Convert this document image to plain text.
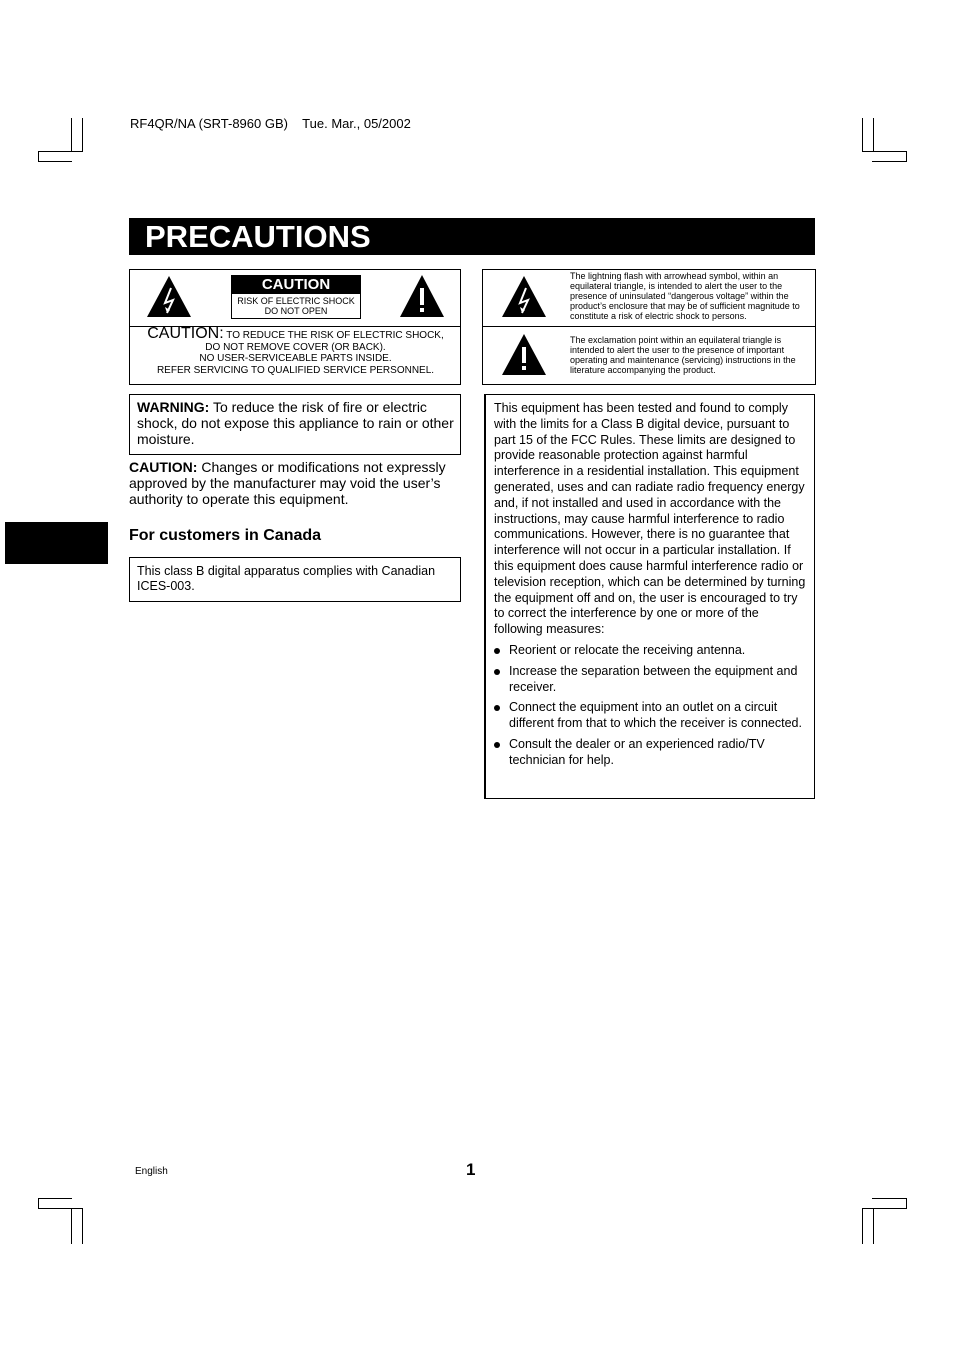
RF4QR/NA (SRT-8960 GB)    Tue. Mar., 05/2002
PRECAUTIONS
CAUTION
RISK OF ELECTRIC SHOCK
DO NOT OPEN
CAUTION: TO REDUCE THE RISK OF ELECTRIC SHOCK,
DO NOT REMOVE COVER (OR BACK).
NO USER-SERVICEABLE PARTS INSIDE.
REFER SERVICING TO QUALIFIED SERVICE PERSONNEL.
The lightning flash with arrowhead symbol, within an equilateral triangle, is intended to alert the user to the presence of uninsulated “dangerous voltage” within the product’s enclosure that may be of sufficient magnitude to constitute a risk of electric shock to persons.
The exclamation point within an equilateral triangle is intended to alert the user to the presence of important operating and maintenance (servicing) instructions in the literature accompanying the product.
WARNING: To reduce the risk of fire or electric shock, do not expose this appliance to rain or other moisture.
CAUTION: Changes or modifications not expressly approved by the manufacturer may void the user’s authority to operate this equipment.
For customers in Canada
This class B digital apparatus complies with Canadian ICES-003.
This equipment has been tested and found to comply with the limits for a Class B digital device, pursuant to part 15 of the FCC Rules. These limits are designed to provide reasonable protection against harmful interference in a residential installation. This equipment generated, uses and can radiate radio frequency energy and, if not installed and used in accordance with the instructions, may cause harmful interference to radio communications. However, there is no guarantee that interference will not occur in a particular installation. If this equipment does cause harmful interference radio or television reception, which can be determined by turning the equipment off and on, the user is encouraged to try to correct the interference by one or more of the following measures:
Reorient or relocate the receiving antenna.
Increase the separation between the equipment and receiver.
Connect the equipment into an outlet on a circuit different from that to which the receiver is connected.
Consult the dealer or an experienced radio/TV technician for help.
English	1
